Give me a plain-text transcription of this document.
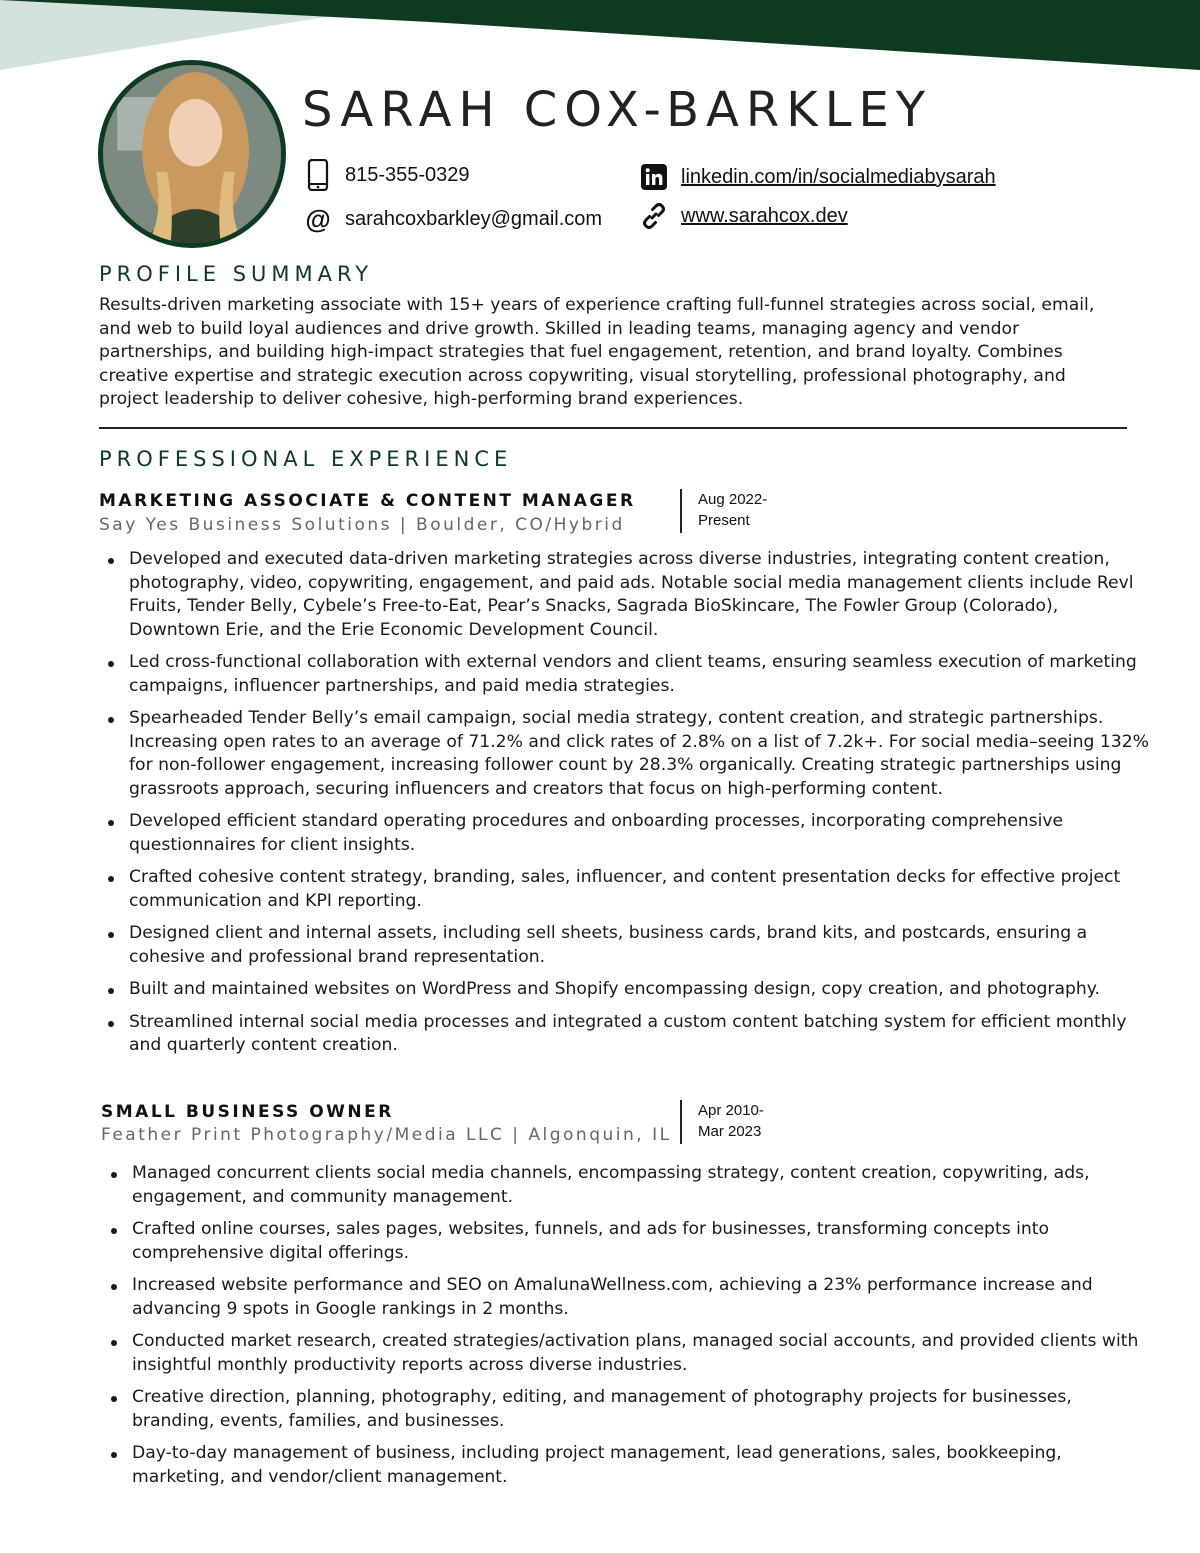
SARAH COX-BARKLEY
815-355-0329
@ sarahcoxbarkley@gmail.com
linkedin.com/in/socialmediabysarah
www.sarahcox.dev
PROFILE SUMMARY

Results-driven marketing associate with 15+ years of experience crafting full-funnel strategies across social, email, and web to build loyal audiences and drive growth. Skilled in leading teams, managing agency and vendor partnerships, and building high-impact strategies that fuel engagement, retention, and brand loyalty. Combines creative expertise and strategic execution across copywriting, visual storytelling, professional photography, and project leadership to deliver cohesive, high-performing brand experiences.

PROFESSIONAL EXPERIENCE
MARKETING ASSOCIATE & CONTENT MANAGER

Say Yes Business Solutions | Boulder, CO/Hybrid

Aug 2022-
Present
Developed and executed data-driven marketing strategies across diverse industries, integrating content creation, photography, video, copywriting, engagement, and paid ads. Notable social media management clients include Revl Fruits, Tender Belly, Cybele’s Free-to-Eat, Pear’s Snacks, Sagrada BioSkincare, The Fowler Group (Colorado), Downtown Erie, and the Erie Economic Development Council.
Led cross-functional collaboration with external vendors and client teams, ensuring seamless execution of marketing campaigns, influencer partnerships, and paid media strategies.
Spearheaded Tender Belly’s email campaign, social media strategy, content creation, and strategic partnerships. Increasing open rates to an average of 71.2% and click rates of 2.8% on a list of 7.2k+. For social media–seeing 132% for non-follower engagement, increasing follower count by 28.3% organically. Creating strategic partnerships using grassroots approach, securing influencers and creators that focus on high-performing content.
Developed efficient standard operating procedures and onboarding processes, incorporating comprehensive questionnaires for client insights.
Crafted cohesive content strategy, branding, sales, influencer, and content presentation decks for effective project communication and KPI reporting.
Designed client and internal assets, including sell sheets, business cards, brand kits, and postcards, ensuring a cohesive and professional brand representation.
Built and maintained websites on WordPress and Shopify encompassing design, copy creation, and photography.
Streamlined internal social media processes and integrated a custom content batching system for efficient monthly and quarterly content creation.
SMALL BUSINESS OWNER

Feather Print Photography/Media LLC | Algonquin, IL

Apr 2010-
Mar 2023
Managed concurrent clients social media channels, encompassing strategy, content creation, copywriting, ads, engagement, and community management.
Crafted online courses, sales pages, websites, funnels, and ads for businesses, transforming concepts into comprehensive digital offerings.
Increased website performance and SEO on AmalunaWellness.com, achieving a 23% performance increase and advancing 9 spots in Google rankings in 2 months.
Conducted market research, created strategies/activation plans, managed social accounts, and provided clients with insightful monthly productivity reports across diverse industries.
Creative direction, planning, photography, editing, and management of photography projects for businesses, branding, events, families, and businesses.
Day-to-day management of business, including project management, lead generations, sales, bookkeeping, marketing, and vendor/client management.
